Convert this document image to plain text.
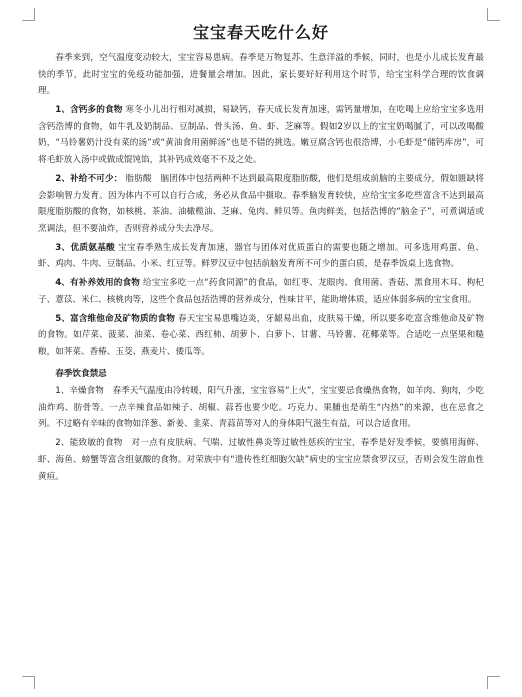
宝宝春天吃什么好

春季来到，空气温度变动较大，宝宝容易患病。春季是万物复苏、生意洋溢的季候，同时，也是小儿成长发育最快的季节，此时宝宝的免疫功能加强，进餐量会增加。因此，家长要好好利用这个时节，给宝宝科学合理的饮食调理。

1、含钙多的食物 寒冬小儿出行相对减损，易缺钙，春天成长发育加速，需钙量增加，在吃喝上应给宝宝多选用含钙浩博的食物，如牛乳及奶制品、豆制品、骨头汤、鱼、虾、芝麻等。假如2岁以上的宝宝奶喝腻了，可以改喝酸奶，“马铃薯奶汁没有菜的汤”或“黄油食用菌鲜汤”也是不错的挑选。嫩豆腐含钙也很浩博，小毛虾是“储钙库房”，可将毛虾放入汤中或做成馄饨馅，其补钙成效毫不不及之处。

2、补给不可少： 脂肪酸　脑团体中包括两种不达到最高限度脂肪酸，他们是组成前脑的主要成分，假如匮缺将会影响智力发育。因为体内不可以自行合成，务必从食品中摄取。春季脑发育较快，应给宝宝多吃些富含不达到最高限度脂肪酸的食物，如核桃、茶油、油橄榄油、芝麻、兔肉、鲜贝等。鱼肉鲜美，包括浩博的“脑金子”，可煮调适或烹调法，但不要油炸，否则营养成分失去净尽。

3、优质氨基酸 宝宝春季熟生成长发育加速，器官与团体对优质蛋白的需要也随之增加。可多选用鸡蛋、鱼、虾、鸡肉、牛肉、豆制品、小米、红豆等。鲜罗汉豆中包括前脑发育所不可少的蛋白质，是春季饭桌上选食物。

4、有补养效用的食物 给宝宝多吃一点“药食同源”的食品，如红枣、龙眼肉、食用菌、香菇、黑食用木耳、枸杞子、薏苡、米仁、核桃肉等，这些个食品包括浩博的营养成分，性味甘平，能助增体质，适应体弱多病的宝宝食用。

5、富含维他命及矿物质的食物 春天宝宝易患嘴边炎，牙龈易出血，皮肤易干燥，所以要多吃富含维他命及矿物的食物。如芹菜、菠菜、油菜、卷心菜、西红柿、胡萝卜、白萝卜、甘薯、马铃薯、花椰菜等。合适吃一点坚果和糙粮，如荠菜、香椿、玉茭、燕麦片、倭瓜等。

春季饮食禁忌

1、辛燥食物　春季天气温度由冷转暖，阳气升涨，宝宝容易“上火”，宝宝要忌食燥热食物，如羊肉、狗肉，少吃油炸鸡、肪骨等。一点辛辣食品如辣子、胡椒、蒜苔也要少吃。巧克力、果脯也是萌生“内热”的来源，也在忌食之列。不过略有辛味的食物如洋葱、新姜、韭菜、青蒜苗等对人的身体阳气滋生有益，可以合适食用。

2、能致敏的食物　对一点有皮肤病、气喘、过敏性鼻炎等过敏性惩疾的宝宝，春季是好发季候，要慎用海鲜、虾、海鱼、螃蟹等富含组氨酸的食物。对荣族中有“遗传性红细胞欠缺”病史的宝宝应禁食罗汉豆，否则会发生溶血性黄疸。
